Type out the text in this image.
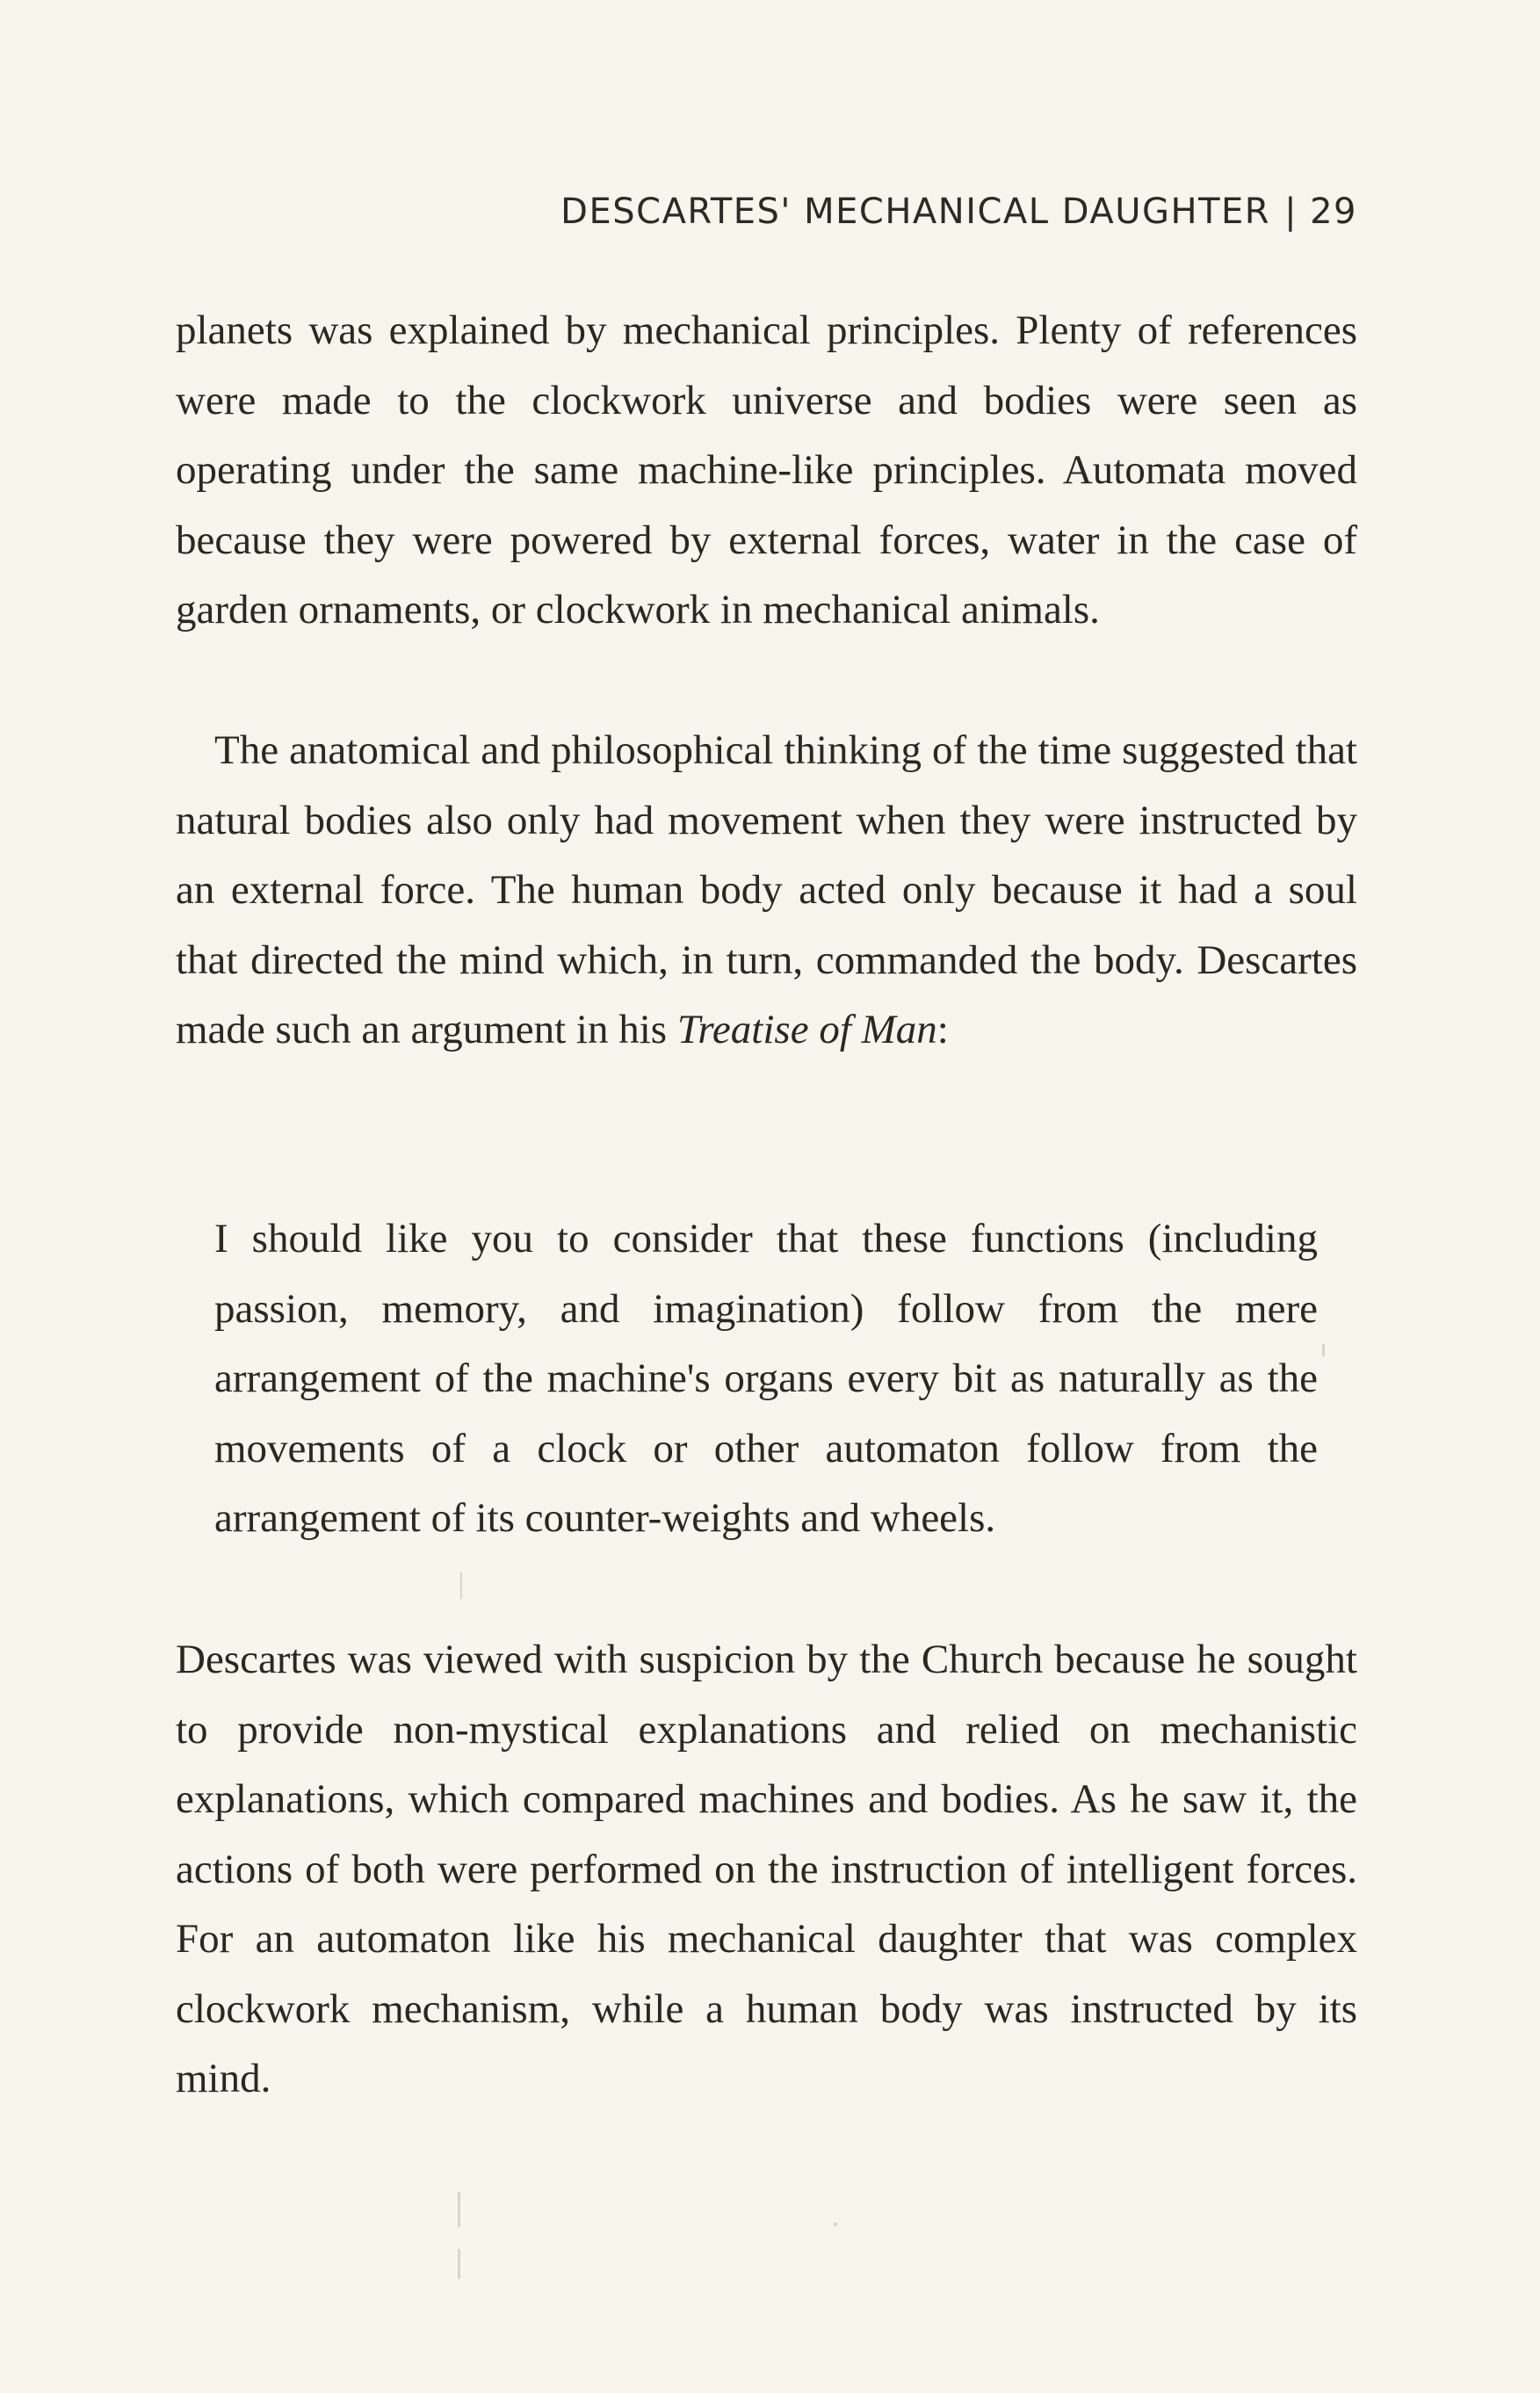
DESCARTES' MECHANICAL DAUGHTER | 29

planets was explained by mechanical principles. Plenty of references were made to the clockwork universe and bodies were seen as operating under the same machine-like principles. Automata moved because they were powered by external forces, water in the case of garden ornaments, or clockwork in mechanical animals.

The anatomical and philosophical thinking of the time suggested that natural bodies also only had movement when they were instructed by an external force. The human body acted only because it had a soul that directed the mind which, in turn, commanded the body. Descartes made such an argument in his Treatise of Man:

I should like you to consider that these functions (including passion, memory, and imagination) follow from the mere arrangement of the machine's organs every bit as naturally as the movements of a clock or other automaton follow from the arrangement of its counter-weights and wheels.

Descartes was viewed with suspicion by the Church because he sought to provide non-mystical explanations and relied on mechanistic explanations, which compared machines and bodies. As he saw it, the actions of both were performed on the instruction of intelligent forces. For an automaton like his mechanical daughter that was complex clockwork mechanism, while a human body was instructed by its mind.
